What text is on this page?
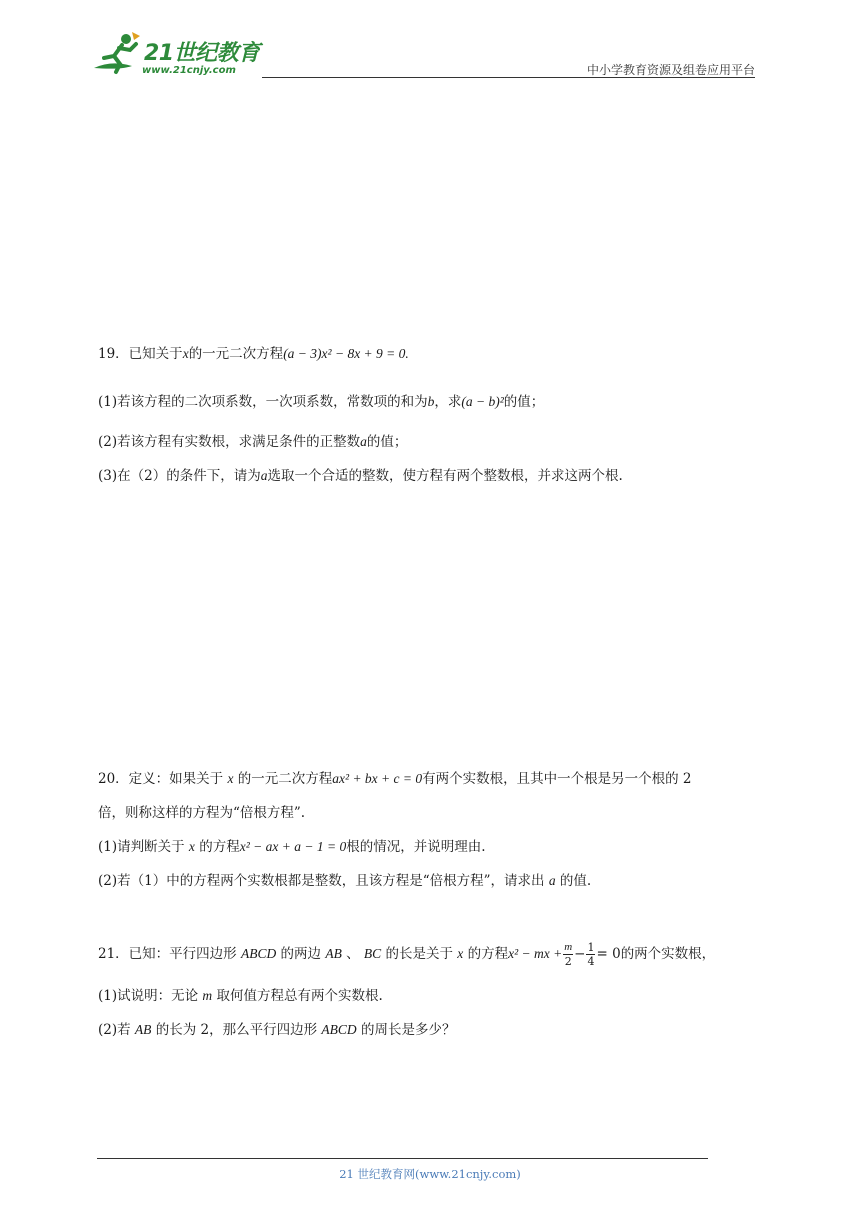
21世纪教育
www.21cnjy.com	中小学教育资源及组卷应用平台
19．已知关于x的一元二次方程(a − 3)x² − 8x + 9 = 0.
(1)若该方程的二次项系数，一次项系数，常数项的和为b，求(a − b)²的值；
(2)若该方程有实数根，求满足条件的正整数a的值；
(3)在（2）的条件下，请为a选取一个合适的整数，使方程有两个整数根，并求这两个根.
20．定义：如果关于 x 的一元二次方程ax² + bx + c = 0有两个实数根，且其中一个根是另一个根的 2
倍，则称这样的方程为“倍根方程”.
(1)请判断关于 x 的方程x² − ax + a − 1 = 0根的情况，并说明理由.
(2)若（1）中的方程两个实数根都是整数，且该方程是“倍根方程”，请求出 a 的值.
21．已知：平行四边形 ABCD 的两边 AB 、 BC 的长是关于 x 的方程x² − mx + $\frac{m}{2} - \frac{1}{4} = 0$的两个实数根，
(1)试说明：无论 m 取何值方程总有两个实数根.
(2)若 AB 的长为 2，那么平行四边形 ABCD 的周长是多少？
21 世纪教育网(www.21cnjy.com)
